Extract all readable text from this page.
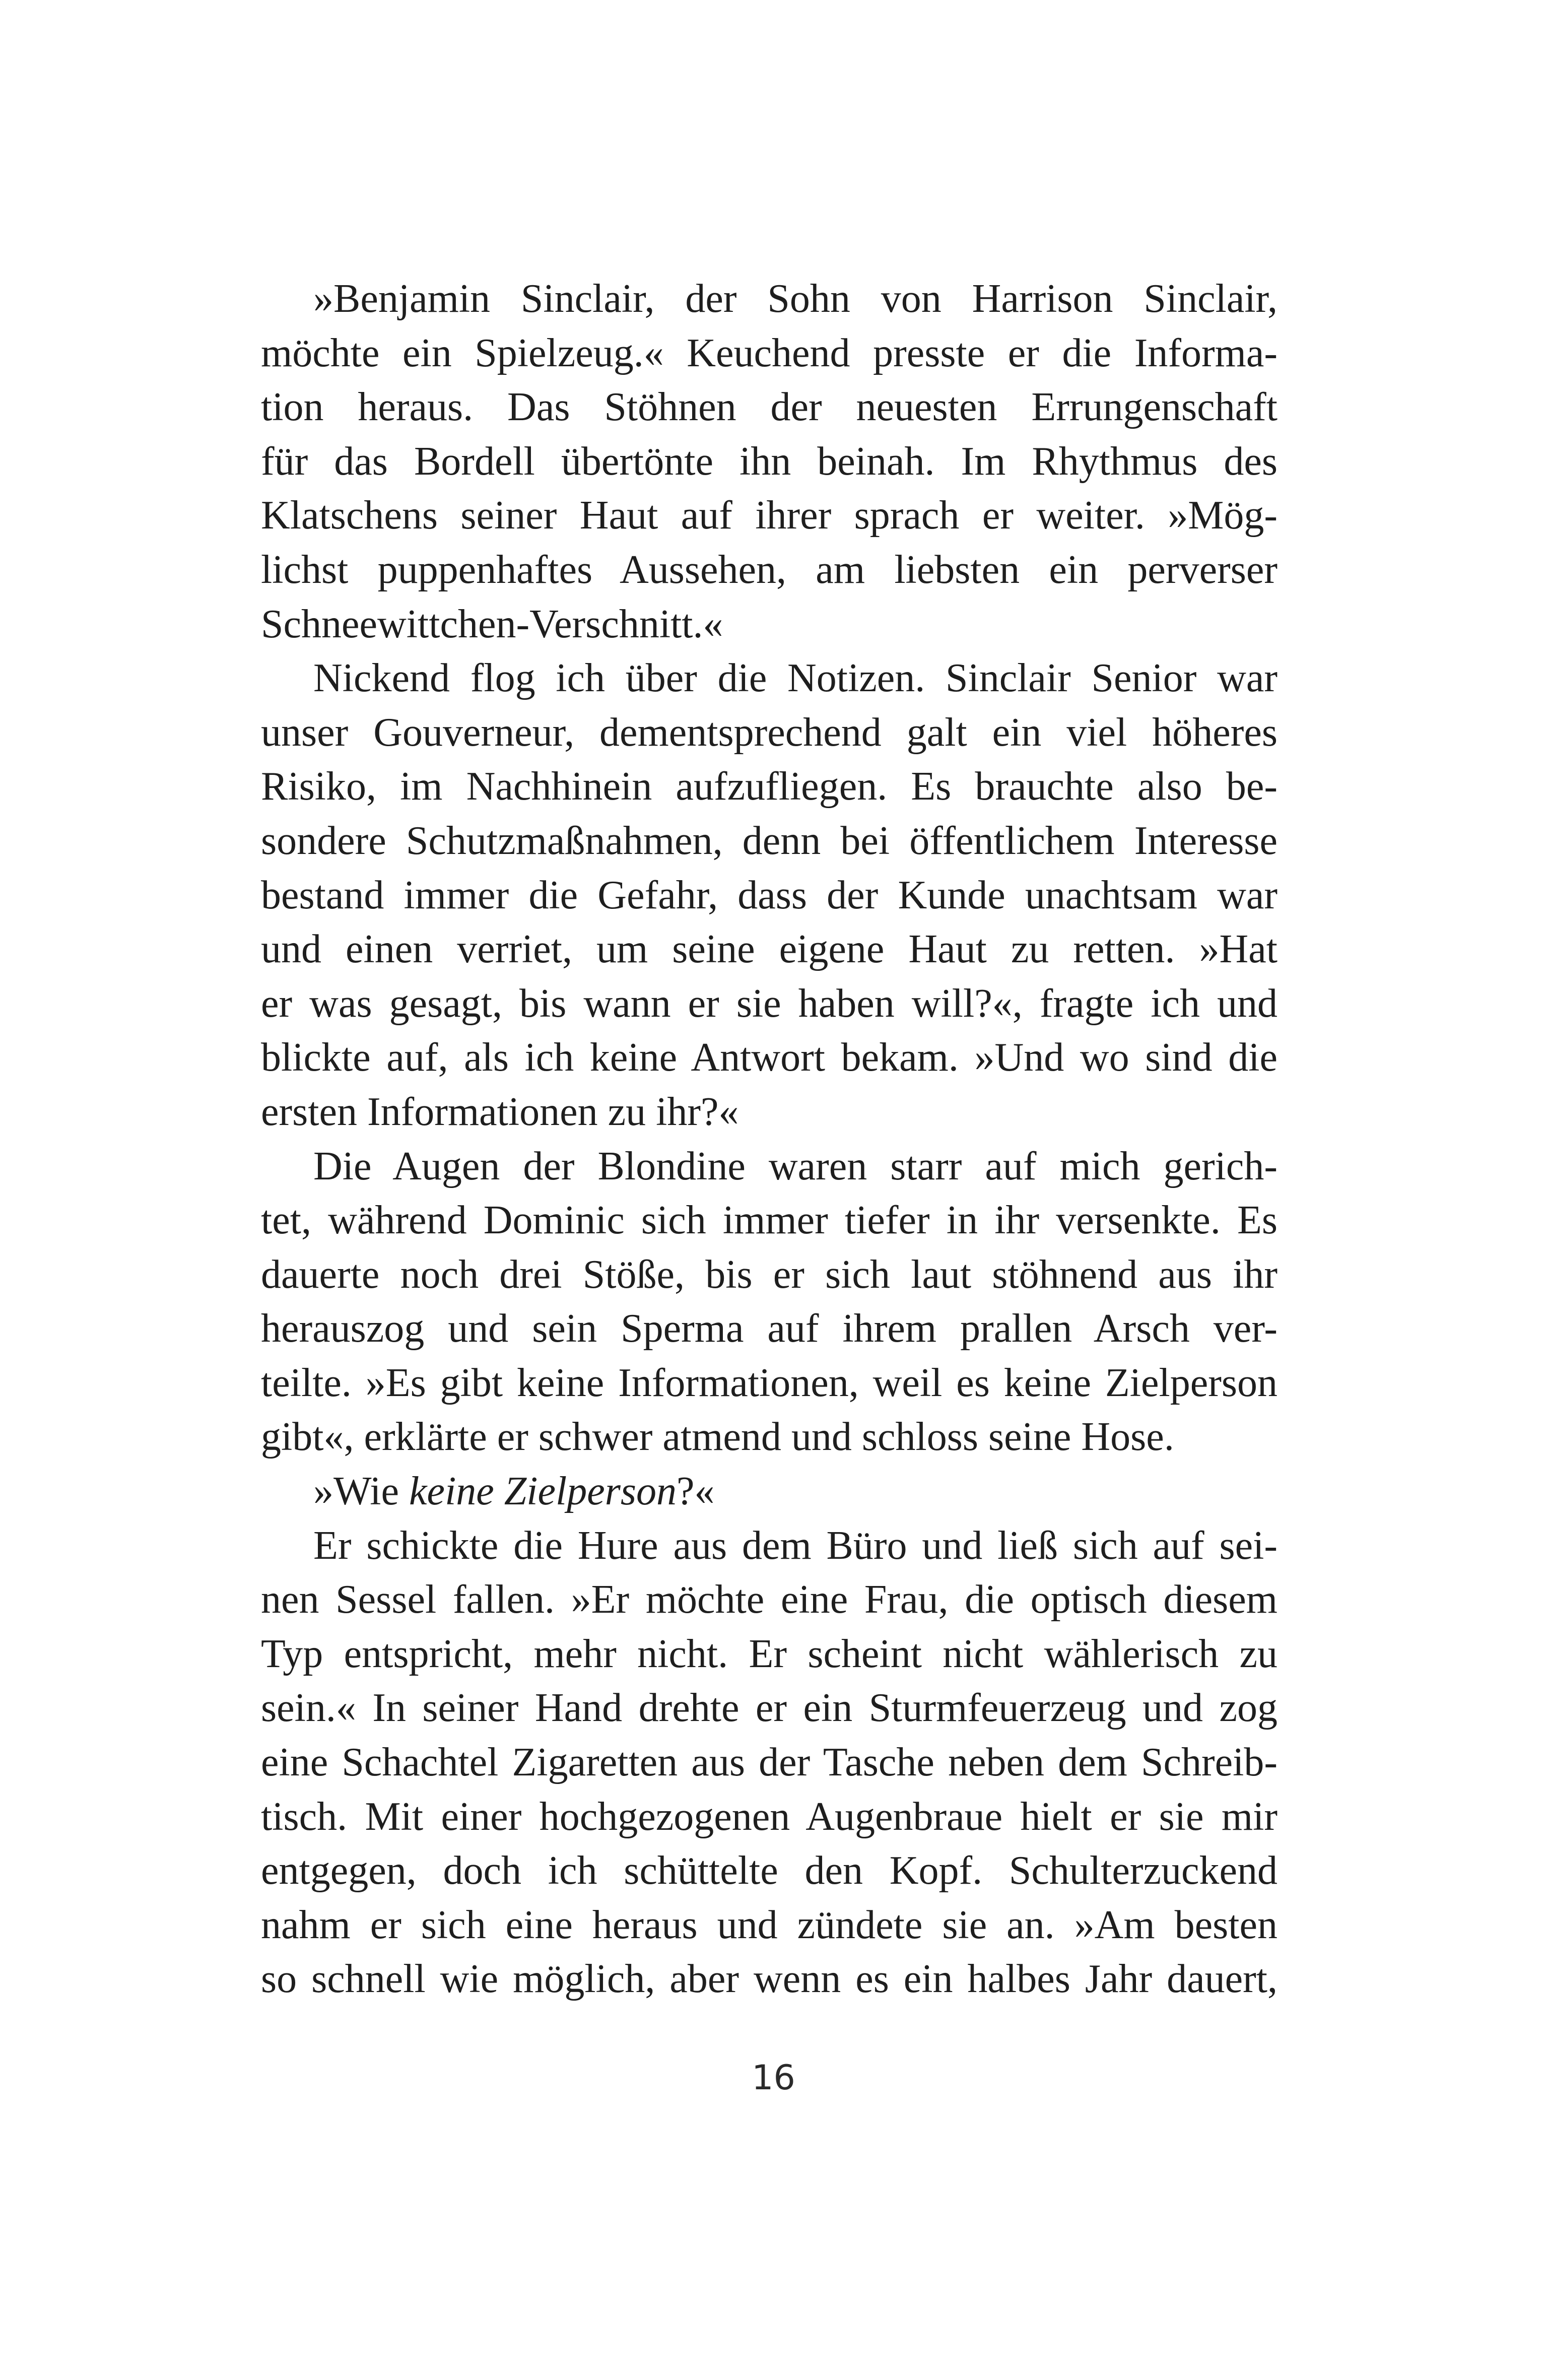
»Benjamin Sinclair, der Sohn von Harrison Sinclair,
möchte ein Spielzeug.« Keuchend presste er die Informa-
tion heraus. Das Stöhnen der neuesten Errungenschaft
für das Bordell übertönte ihn beinah. Im Rhythmus des
Klatschens seiner Haut auf ihrer sprach er weiter. »Mög-
lichst puppenhaftes Aussehen, am liebsten ein perverser
Schneewittchen-Verschnitt.«
Nickend flog ich über die Notizen. Sinclair Senior war
unser Gouverneur, dementsprechend galt ein viel höheres
Risiko, im Nachhinein aufzufliegen. Es brauchte also be-
sondere Schutzmaßnahmen, denn bei öffentlichem Interesse
bestand immer die Gefahr, dass der Kunde unachtsam war
und einen verriet, um seine eigene Haut zu retten. »Hat
er was gesagt, bis wann er sie haben will?«, fragte ich und
blickte auf, als ich keine Antwort bekam. »Und wo sind die
ersten Informationen zu ihr?«
Die Augen der Blondine waren starr auf mich gerich-
tet, während Dominic sich immer tiefer in ihr versenkte. Es
dauerte noch drei Stöße, bis er sich laut stöhnend aus ihr
herauszog und sein Sperma auf ihrem prallen Arsch ver-
teilte. »Es gibt keine Informationen, weil es keine Zielperson
gibt«, erklärte er schwer atmend und schloss seine Hose.
»Wie keine Zielperson?«
Er schickte die Hure aus dem Büro und ließ sich auf sei-
nen Sessel fallen. »Er möchte eine Frau, die optisch diesem
Typ entspricht, mehr nicht. Er scheint nicht wählerisch zu
sein.« In seiner Hand drehte er ein Sturmfeuerzeug und zog
eine Schachtel Zigaretten aus der Tasche neben dem Schreib-
tisch. Mit einer hochgezogenen Augenbraue hielt er sie mir
entgegen, doch ich schüttelte den Kopf. Schulterzuckend
nahm er sich eine heraus und zündete sie an. »Am besten
so schnell wie möglich, aber wenn es ein halbes Jahr dauert,
16
